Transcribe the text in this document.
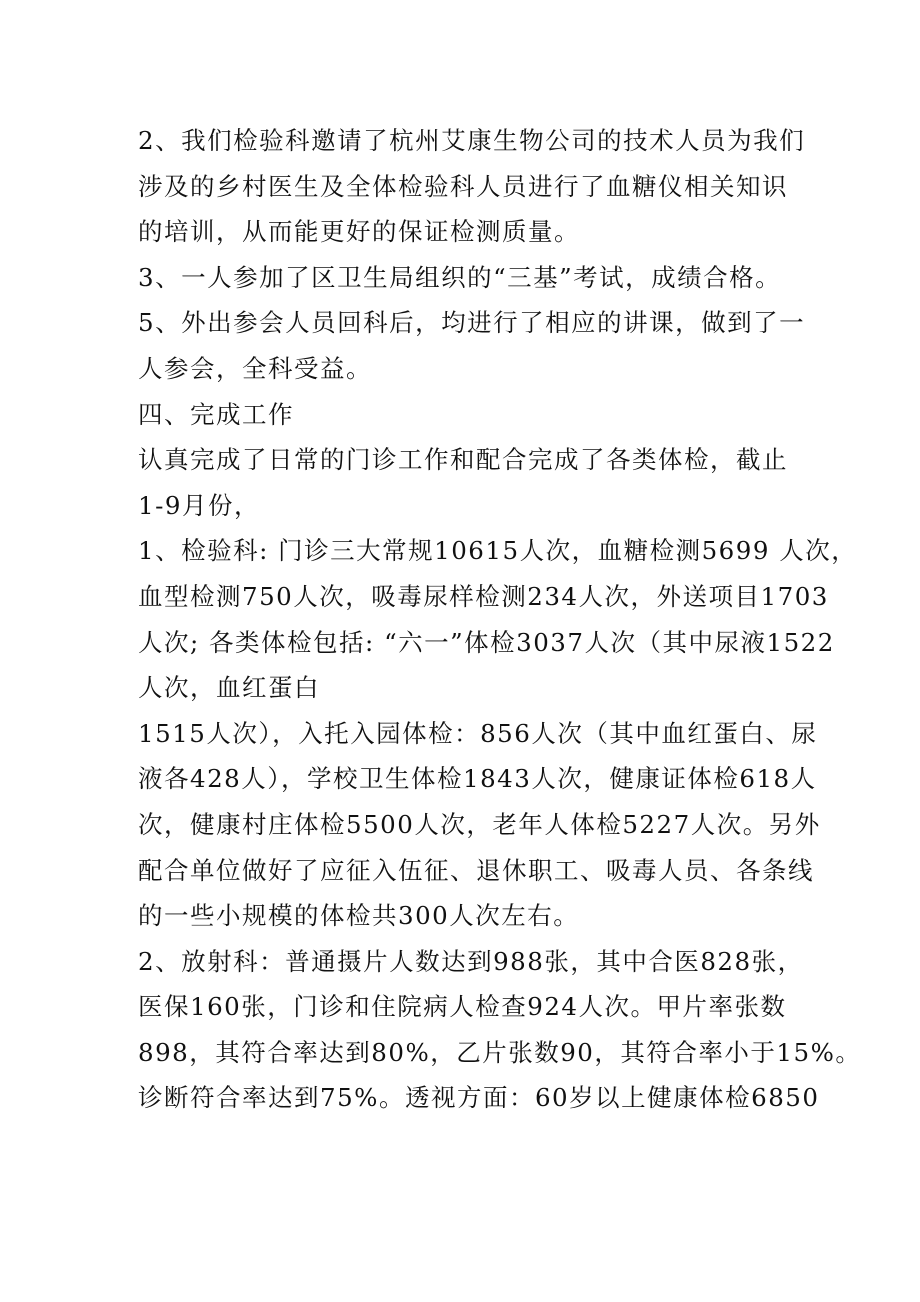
2、我们检验科邀请了杭州艾康生物公司的技术人员为我们

涉及的乡村医生及全体检验科人员进行了血糖仪相关知识

的培训，从而能更好的保证检测质量。

3、一人参加了区卫生局组织的“三基”考试，成绩合格。

5、外出参会人员回科后，均进行了相应的讲课，做到了一

人参会，全科受益。

四、完成工作

认真完成了日常的门诊工作和配合完成了各类体检，截止

1-9月份，

1、检验科: 门诊三大常规10615人次，血糖检测5699 人次，

血型检测750人次，吸毒尿样检测234人次，外送项目1703

人次; 各类体检包括: “六一”体检3037人次（其中尿液1522

人次，血红蛋白

1515人次），入托入园体检：856人次（其中血红蛋白、尿

液各428人），学校卫生体检1843人次，健康证体检618人

次，健康村庄体检5500人次，老年人体检5227人次。另外

配合单位做好了应征入伍征、退休职工、吸毒人员、各条线

的一些小规模的体检共300人次左右。

2、放射科：普通摄片人数达到988张，其中合医828张，

医保160张，门诊和住院病人检查924人次。甲片率张数

898，其符合率达到80%，乙片张数90，其符合率小于15%。

诊断符合率达到75%。透视方面：60岁以上健康体检6850
